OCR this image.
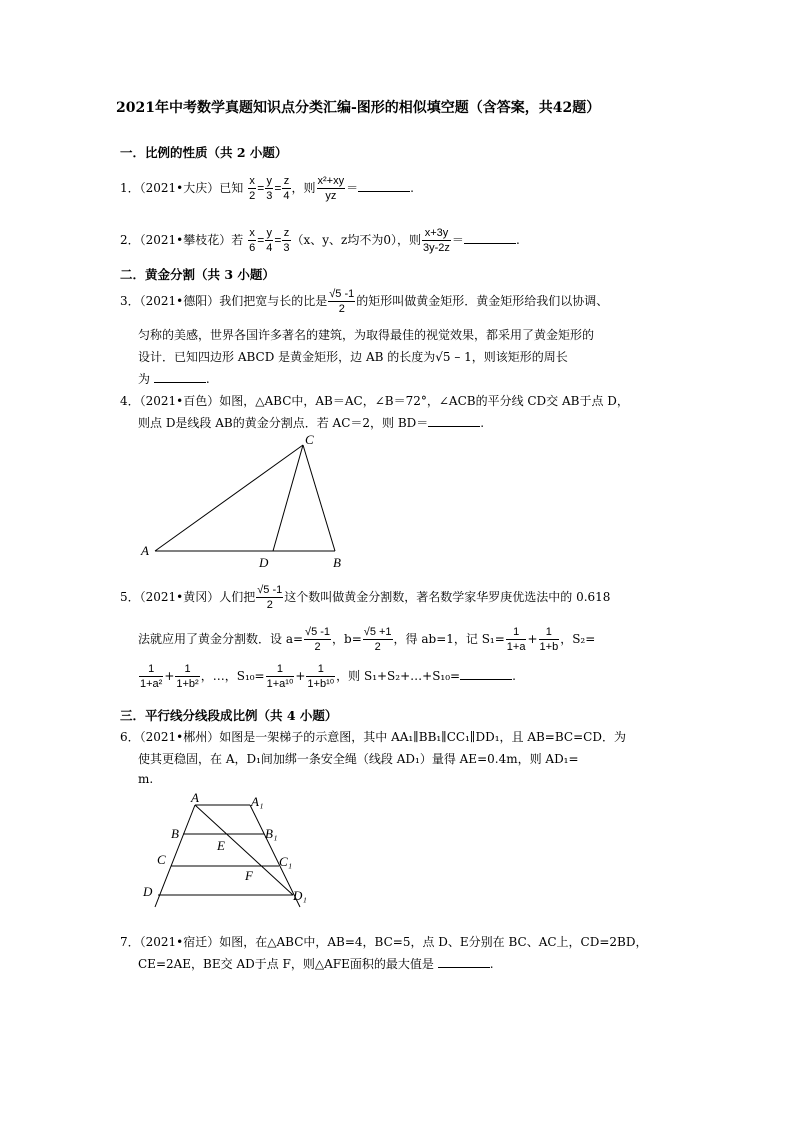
2021年中考数学真题知识点分类汇编-图形的相似填空题（含答案，共42题）
一．比例的性质（共 2 小题）
1．（2021•大庆）已知 $\frac{x}{2} = \frac{y}{3} = \frac{z}{4}$ ，则 $\frac{\text{x²+xy}}{yz}$ ＝	.
2．（2021•攀枝花）若 $\frac{x}{6} = \frac{y}{4} = \frac{z}{3} (x$、y、z均不为0），则 $\frac{x+3y}{3y-2z}$ ＝	.
二．黄金分割（共 3 小题）
3．（2021•德阳）我们把宽与长的比是 $\frac{√5 -1}{2}$ 的矩形叫做黄金矩形．黄金矩形给我们以协调、
匀称的美感，世界各国许多著名的建筑，为取得最佳的视觉效果，都采用了黄金矩形的
设计．已知四边形 ABCD 是黄金矩形，边 AB 的长度为√5 – 1，则该矩形的周长
为	.
4．（2021•百色）如图，△ABC中，AB＝AC，∠B＝72°，∠ACB的平分线 CD交 AB于点 D，
则点 D是线段 AB的黄金分割点．若 AC＝2，则 BD＝	.
A
B
C
D
5．（2021•黄冈）人们把 $\frac{√5 -1}{2}$ 这个数叫做黄金分割数，著名数学家华罗庚优选法中的 0.618
法就应用了黄金分割数．设 $a= \frac{√5 -1}{2}$ ，$b= \frac{√5 +1}{2}$ ，得 ab=1，记 $S_1= \frac{1}{1+a} + \frac{1}{1+b}$ ，S₂=
$\frac{1}{\text{1+a²}} + \frac{1}{\text{1+b²}}$ ，…，$S_{10}= \frac{1}{\text{1+a¹⁰}} + \frac{1}{\text{1+b¹⁰}}$ ，则 S₁+S₂+…+S₁₀=	.
三．平行线分线段成比例（共 4 小题）
6．（2021•郴州）如图是一架梯子的示意图，其中 AA₁∥BB₁∥CC₁∥DD₁，且 AB=BC=CD．为
使其更稳固，在 A，D₁间加绑一条安全绳（线段 AD₁）量得 AE=0.4m，则 AD₁=
m.
A	A₁
B	B₁
C	C₁
D	D₁
E
F
7．（2021•宿迁）如图，在△ABC中，AB=4，BC=5，点 D、E分别在 BC、AC上，CD=2BD，
CE=2AE，BE交 AD于点 F，则△AFE面积的最大值是	.
